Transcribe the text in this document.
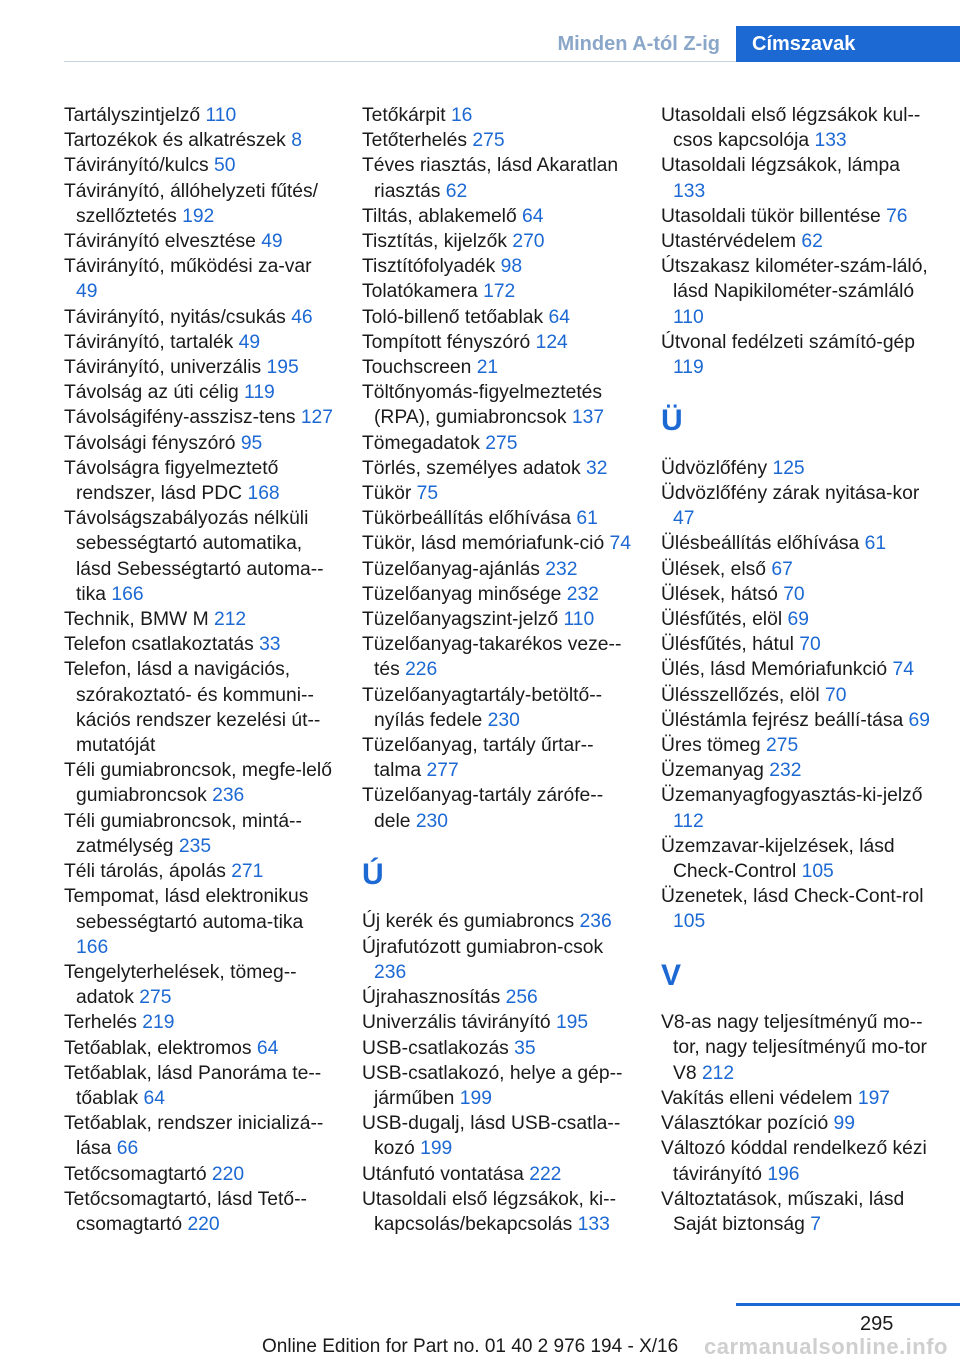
Minden A-tól Z-ig	Címszavak
Tartályszintjelző 110
Tartozékok és alkatrészek 8
Távirányító/kulcs 50
Távirányító, állóhelyzeti fűtés/​szellőztetés 192
Távirányító elvesztése 49
Távirányító, működési za-var 49
Távirányító, nyitás/csukás 46
Távirányító, tartalék 49
Távirányító, univerzális 195
Távolság az úti célig 119
Távolságifény-asszisz-tens 127
Távolsági fényszóró 95
Távolságra figyelmeztető rendszer, lásd PDC 168
Távolságszabályozás nélküli sebességtartó automatika, lásd Sebességtartó automa-tika 166
Technik, BMW M 212
Telefon csatlakoztatás 33
Telefon, lásd a navigációs, szórakoztató- és kommuni-kációs rendszer kezelési út-mutatóját
Téli gumiabroncsok, megfe-lelő gumiabroncsok 236
Téli gumiabroncsok, mintá-zatmélység 235
Téli tárolás, ápolás 271
Tempomat, lásd elektronikus sebességtartó automa-tika 166
Tengelyterhelések, tömeg-adatok 275
Terhelés 219
Tetőablak, elektromos 64
Tetőablak, lásd Panoráma te-tőablak 64
Tetőablak, rendszer inicializá-lása 66
Tetőcsomagtartó 220
Tetőcsomagtartó, lásd Tető-csomagtartó 220
Tetőkárpit 16
Tetőterhelés 275
Téves riasztás, lásd Akaratlan riasztás 62
Tiltás, ablakemelő 64
Tisztítás, kijelzők 270
Tisztítófolyadék 98
Tolatókamera 172
Toló-billenő tetőablak 64
Tompított fényszóró 124
Touchscreen 21
Töltőnyomás-figyelmeztetés (RPA), gumiabroncsok 137
Tömegadatok 275
Törlés, személyes adatok 32
Tükör 75
Tükörbeállítás előhívása 61
Tükör, lásd memóriafunk-ció 74
Tüzelőanyag-ajánlás 232
Tüzelőanyag minősége 232
Tüzelőanyagszint-jelző 110
Tüzelőanyag-takarékos veze-tés 226
Tüzelőanyagtartály-betöltő-nyílás fedele 230
Tüzelőanyag, tartály űrtar-talma 277
Tüzelőanyag-tartály zárófe-dele 230
Ú
Új kerék és gumiabroncs 236
Újrafutózott gumiabron-csok 236
Újrahasznosítás 256
Univerzális távirányító 195
USB-csatlakozás 35
USB-csatlakozó, helye a gép-járműben 199
USB-dugalj, lásd USB-csatla-kozó 199
Utánfutó vontatása 222
Utasoldali első légzsákok, ki-kapcsolás/bekapcsolás 133
Utasoldali első légzsákok kul-csos kapcsolója 133
Utasoldali légzsákok, lámpa 133
Utasoldali tükör billentése 76
Utastérvédelem 62
Útszakasz kilométer-szám-láló, lásd Napikilométer-számláló 110
Útvonal fedélzeti számító-gép 119
Ü
Üdvözlőfény 125
Üdvözlőfény zárak nyitása-kor 47
Ülésbeállítás előhívása 61
Ülések, első 67
Ülések, hátsó 70
Ülésfűtés, elöl 69
Ülésfűtés, hátul 70
Ülés, lásd Memóriafunkció 74
Ülésszellőzés, elöl 70
Üléstámla fejrész beállí-tása 69
Üres tömeg 275
Üzemanyag 232
Üzemanyagfogyasztás-ki-jelző 112
Üzemzavar-kijelzések, lásd Check-Control 105
Üzenetek, lásd Check-Cont-rol 105
V
V8-as nagy teljesítményű mo-tor, nagy teljesítményű mo-tor V8 212
Vakítás elleni védelem 197
Választókar pozíció 99
Változó kóddal rendelkező kézi távirányító 196
Változtatások, műszaki, lásd Saját biztonság 7
295
Online Edition for Part no. 01 40 2 976 194 - X/16 carmanualsonline.info
